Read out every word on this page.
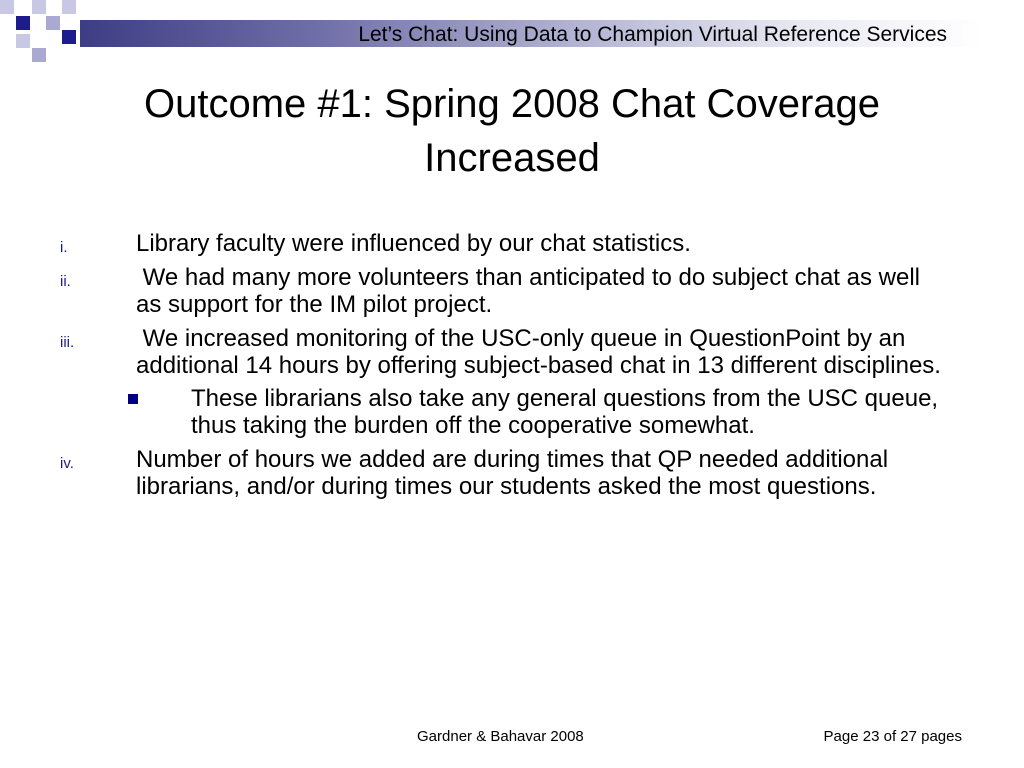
Let’s Chat: Using Data to Champion Virtual Reference Services
Outcome #1: Spring 2008 Chat Coverage Increased
i.	Library faculty were influenced by our chat statistics.
ii.	We had many more volunteers than anticipated to do subject chat as well as support for the IM pilot project.
iii.	We increased monitoring of the USC-only queue in QuestionPoint by an additional 14 hours by offering subject-based chat in 13 different disciplines.
These librarians also take any general questions from the USC queue, thus taking the burden off the cooperative somewhat.
iv.	Number of hours we added are during times that QP needed additional librarians, and/or during times our students asked the most questions.
Gardner & Bahavar 2008	Page 23 of 27 pages
